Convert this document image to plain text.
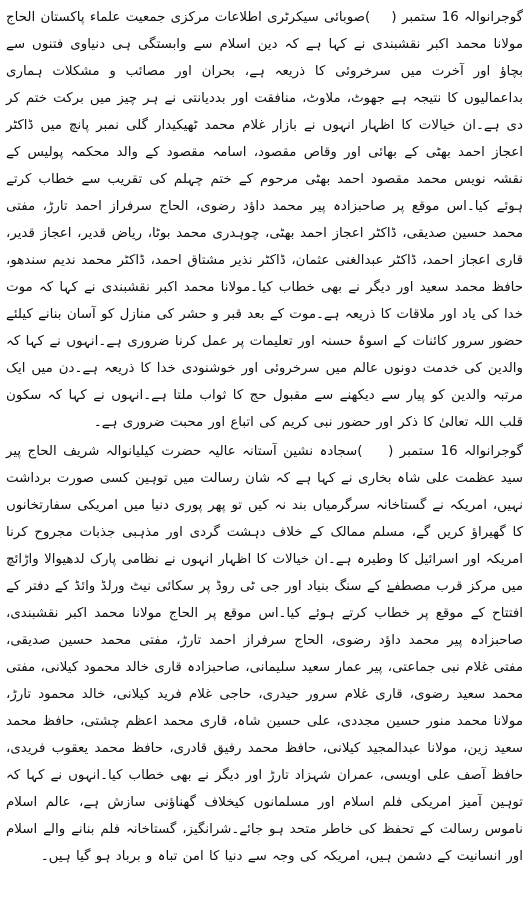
گوجرانوالہ 16 ستمبر (    )صوبائی سیکرٹری اطلاعات مرکزی جمعیت علماء پاکستان الحاج مولانا محمد اکبر نقشبندی نے کہا ہے کہ دین اسلام سے وابستگی ہی دنیاوی فتنوں سے بچاؤ اور آخرت میں سرخروئی کا ذریعہ ہے، بحران اور مصائب و مشکلات ہماری بداعمالیوں کا نتیجہ ہے جھوٹ، ملاوٹ، منافقت اور بددیانتی نے ہر چیز میں برکت ختم کر دی ہے۔ان خیالات کا اظہار انہوں نے بازار غلام محمد ٹھیکیدار گلی نمبر پانچ میں ڈاکٹر اعجاز احمد بھٹی کے بھائی اور وقاص مقصود، اسامہ مقصود کے والد محکمہ پولیس کے نقشہ نویس محمد مقصود احمد بھٹی مرحوم کے ختم چہلم کی تقریب سے خطاب کرتے ہوئے کیا۔اس موقع پر صاحبزادہ پیر محمد داؤد رضوی، الحاج سرفراز احمد تارڑ، مفتی محمد حسین صدیقی، ڈاکٹر اعجاز احمد بھٹی، چوہدری محمد بوٹا، ریاض قدیر، اعجاز قدیر، قاری اعجاز احمد، ڈاکٹر عبدالغنی عثمان، ڈاکٹر نذیر مشتاق احمد، ڈاکٹر محمد ندیم سندھو، حافظ محمد سعید اور دیگر نے بھی خطاب کیا۔مولانا محمد اکبر نقشبندی نے کہا کہ موت خدا کی یاد اور ملاقات کا ذریعہ ہے۔موت کے بعد قبر و حشر کی منازل کو آسان بنانے کیلئے حضور سرور کائنات کے اسوۂ حسنہ اور تعلیمات پر عمل کرنا ضروری ہے۔انہوں نے کہا کہ والدین کی خدمت دونوں عالم میں سرخروئی اور خوشنودی خدا کا ذریعہ ہے۔دن میں ایک مرتبہ والدین کو پیار سے دیکھنے سے مقبول حج کا ثواب ملتا ہے۔انہوں نے کہا کہ سکون قلب اللہ تعالیٰ کا ذکر اور حضور نبی کریم کی اتباع اور محبت ضروری ہے۔

گوجرانوالہ 16 ستمبر (    )سجادہ نشین آستانہ عالیہ حضرت کیلیانوالہ شریف الحاج پیر سید عظمت علی شاہ بخاری نے کہا ہے کہ شان رسالت میں توہین کسی صورت برداشت نہیں، امریکہ نے گستاخانہ سرگرمیاں بند نہ کیں تو پھر پوری دنیا میں امریکی سفارتخانوں کا گھیراؤ کریں گے، مسلم ممالک کے خلاف دہشت گردی اور مذہبی جذبات مجروح کرنا امریکہ اور اسرائیل کا وطیرہ ہے۔ان خیالات کا اظہار انہوں نے نظامی پارک لدھیوالا واڑائچ میں مرکز قرب مصطفےٰ کے سنگ بنیاد اور جی ٹی روڈ پر سکائی نیٹ ورلڈ وائڈ کے دفتر کے افتتاح کے موقع پر خطاب کرتے ہوئے کیا۔اس موقع پر الحاج مولانا محمد اکبر نقشبندی، صاحبزادہ پیر محمد داؤد رضوی، الحاج سرفراز احمد تارڑ، مفتی محمد حسین صدیقی، مفتی غلام نبی جماعتی، پیر عمار سعید سلیمانی، صاحبزادہ قاری خالد محمود کیلانی، مفتی محمد سعید رضوی، قاری غلام سرور حیدری، حاجی غلام فرید کیلانی، خالد محمود تارڑ، مولانا محمد منور حسین مجددی، علی حسین شاہ، قاری محمد اعظم چشتی، حافظ محمد سعید زین، مولانا عبدالمجید کیلانی، حافظ محمد رفیق قادری، حافظ محمد یعقوب فریدی، حافظ آصف علی اویسی، عمران شہزاد تارڑ اور دیگر نے بھی خطاب کیا۔انہوں نے کہا کہ توہین آمیز امریکی فلم اسلام اور مسلمانوں کیخلاف گھناؤنی سازش ہے، عالم اسلام ناموس رسالت کے تحفظ کی خاطر متحد ہو جائے۔شرانگیز، گستاخانہ فلم بنانے والے اسلام اور انسانیت کے دشمن ہیں، امریکہ کی وجہ سے دنیا کا امن تباہ و برباد ہو گیا ہیں۔
